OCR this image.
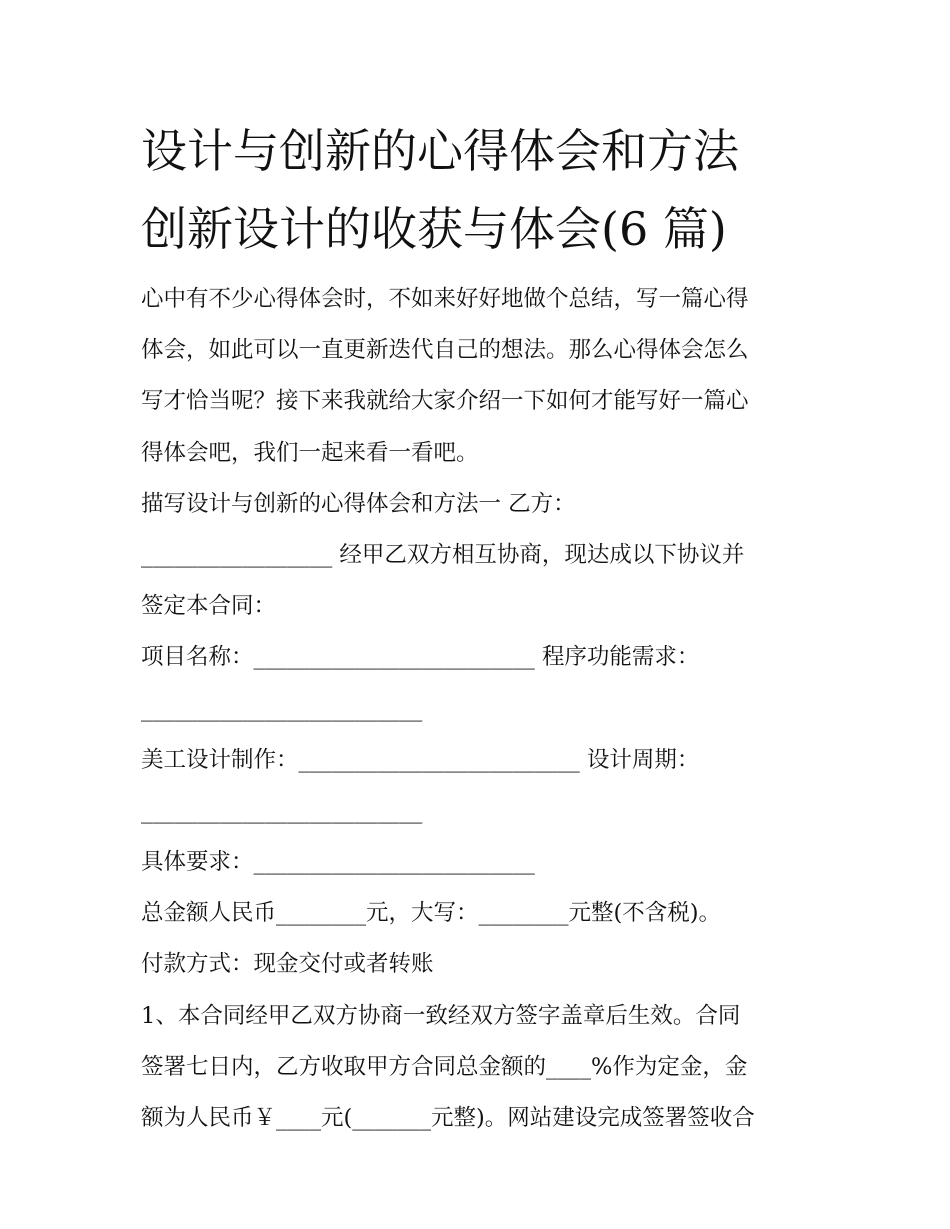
设计与创新的心得体会和方法
创新设计的收获与体会(6 篇)
心中有不少心得体会时，不如来好好地做个总结，写一篇心得
体会，如此可以一直更新迭代自己的想法。那么心得体会怎么
写才恰当呢？接下来我就给大家介绍一下如何才能写好一篇心
得体会吧，我们一起来看一看吧。
描写设计与创新的心得体会和方法一 乙方：
_________________ 经甲乙双方相互协商，现达成以下协议并
签定本合同：
项目名称：_________________________ 程序功能需求：
_________________________
美工设计制作：_________________________ 设计周期：
_________________________
具体要求：_________________________
总金额人民币________元，大写：________元整(不含税)。
付款方式：现金交付或者转账
1、本合同经甲乙双方协商一致经双方签字盖章后生效。合同
签署七日内，乙方收取甲方合同总金额的____%作为定金，金
额为人民币￥____元(_______元整)。网站建设完成签署签收合
